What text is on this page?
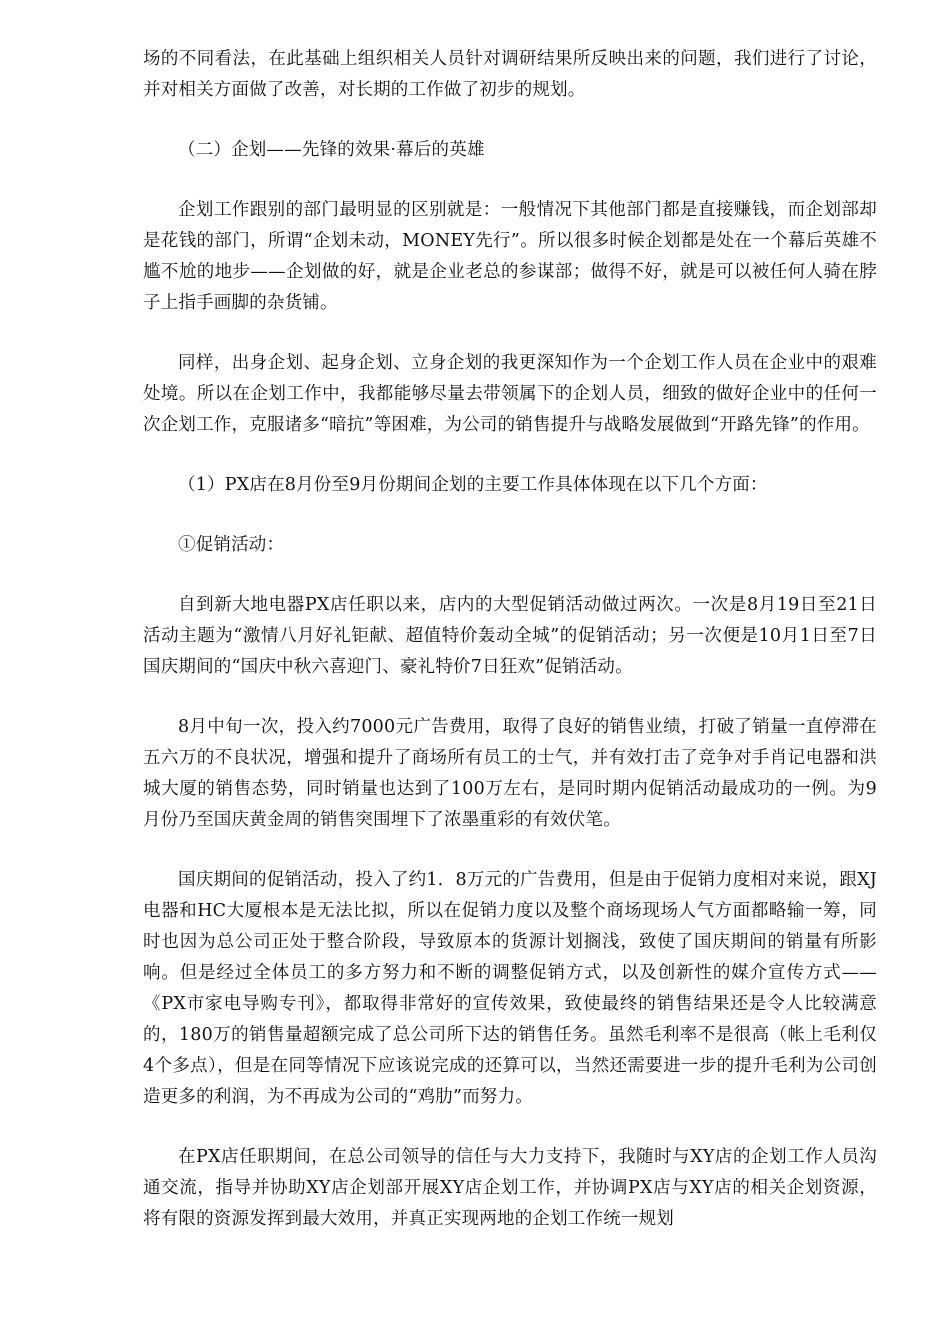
场的不同看法，在此基础上组织相关人员针对调研结果所反映出来的问题，我们进行了讨论，并对相关方面做了改善，对长期的工作做了初步的规划。

（二）企划——先锋的效果·幕后的英雄

企划工作跟别的部门最明显的区别就是：一般情况下其他部门都是直接赚钱，而企划部却是花钱的部门，所谓“企划未动，MONEY先行”。所以很多时候企划都是处在一个幕后英雄不尴不尬的地步——企划做的好，就是企业老总的参谋部；做得不好，就是可以被任何人骑在脖子上指手画脚的杂货铺。

同样，出身企划、起身企划、立身企划的我更深知作为一个企划工作人员在企业中的艰难处境。所以在企划工作中，我都能够尽量去带领属下的企划人员，细致的做好企业中的任何一次企划工作，克服诸多“暗抗”等困难，为公司的销售提升与战略发展做到“开路先锋”的作用。

（1）PX店在8月份至9月份期间企划的主要工作具体体现在以下几个方面：

①促销活动：

自到新大地电器PX店任职以来，店内的大型促销活动做过两次。一次是8月19日至21日活动主题为“激情八月好礼钜献、超值特价轰动全城”的促销活动；另一次便是10月1日至7日国庆期间的“国庆中秋六喜迎门、豪礼特价7日狂欢”促销活动。

8月中旬一次，投入约7000元广告费用，取得了良好的销售业绩，打破了销量一直停滞在五六万的不良状况，增强和提升了商场所有员工的士气，并有效打击了竞争对手肖记电器和洪城大厦的销售态势，同时销量也达到了100万左右，是同时期内促销活动最成功的一例。为9月份乃至国庆黄金周的销售突围埋下了浓墨重彩的有效伏笔。

国庆期间的促销活动，投入了约1．8万元的广告费用，但是由于促销力度相对来说，跟XJ电器和HC大厦根本是无法比拟，所以在促销力度以及整个商场现场人气方面都略输一筹，同时也因为总公司正处于整合阶段，导致原本的货源计划搁浅，致使了国庆期间的销量有所影响。但是经过全体员工的多方努力和不断的调整促销方式，以及创新性的媒介宣传方式——《PX市家电导购专刊》，都取得非常好的宣传效果，致使最终的销售结果还是令人比较满意的，180万的销售量超额完成了总公司所下达的销售任务。虽然毛利率不是很高（帐上毛利仅4个多点），但是在同等情况下应该说完成的还算可以，当然还需要进一步的提升毛利为公司创造更多的利润，为不再成为公司的“鸡肋”而努力。

在PX店任职期间，在总公司领导的信任与大力支持下，我随时与XY店的企划工作人员沟通交流，指导并协助XY店企划部开展XY店企划工作，并协调PX店与XY店的相关企划资源，将有限的资源发挥到最大效用，并真正实现两地的企划工作统一规划
